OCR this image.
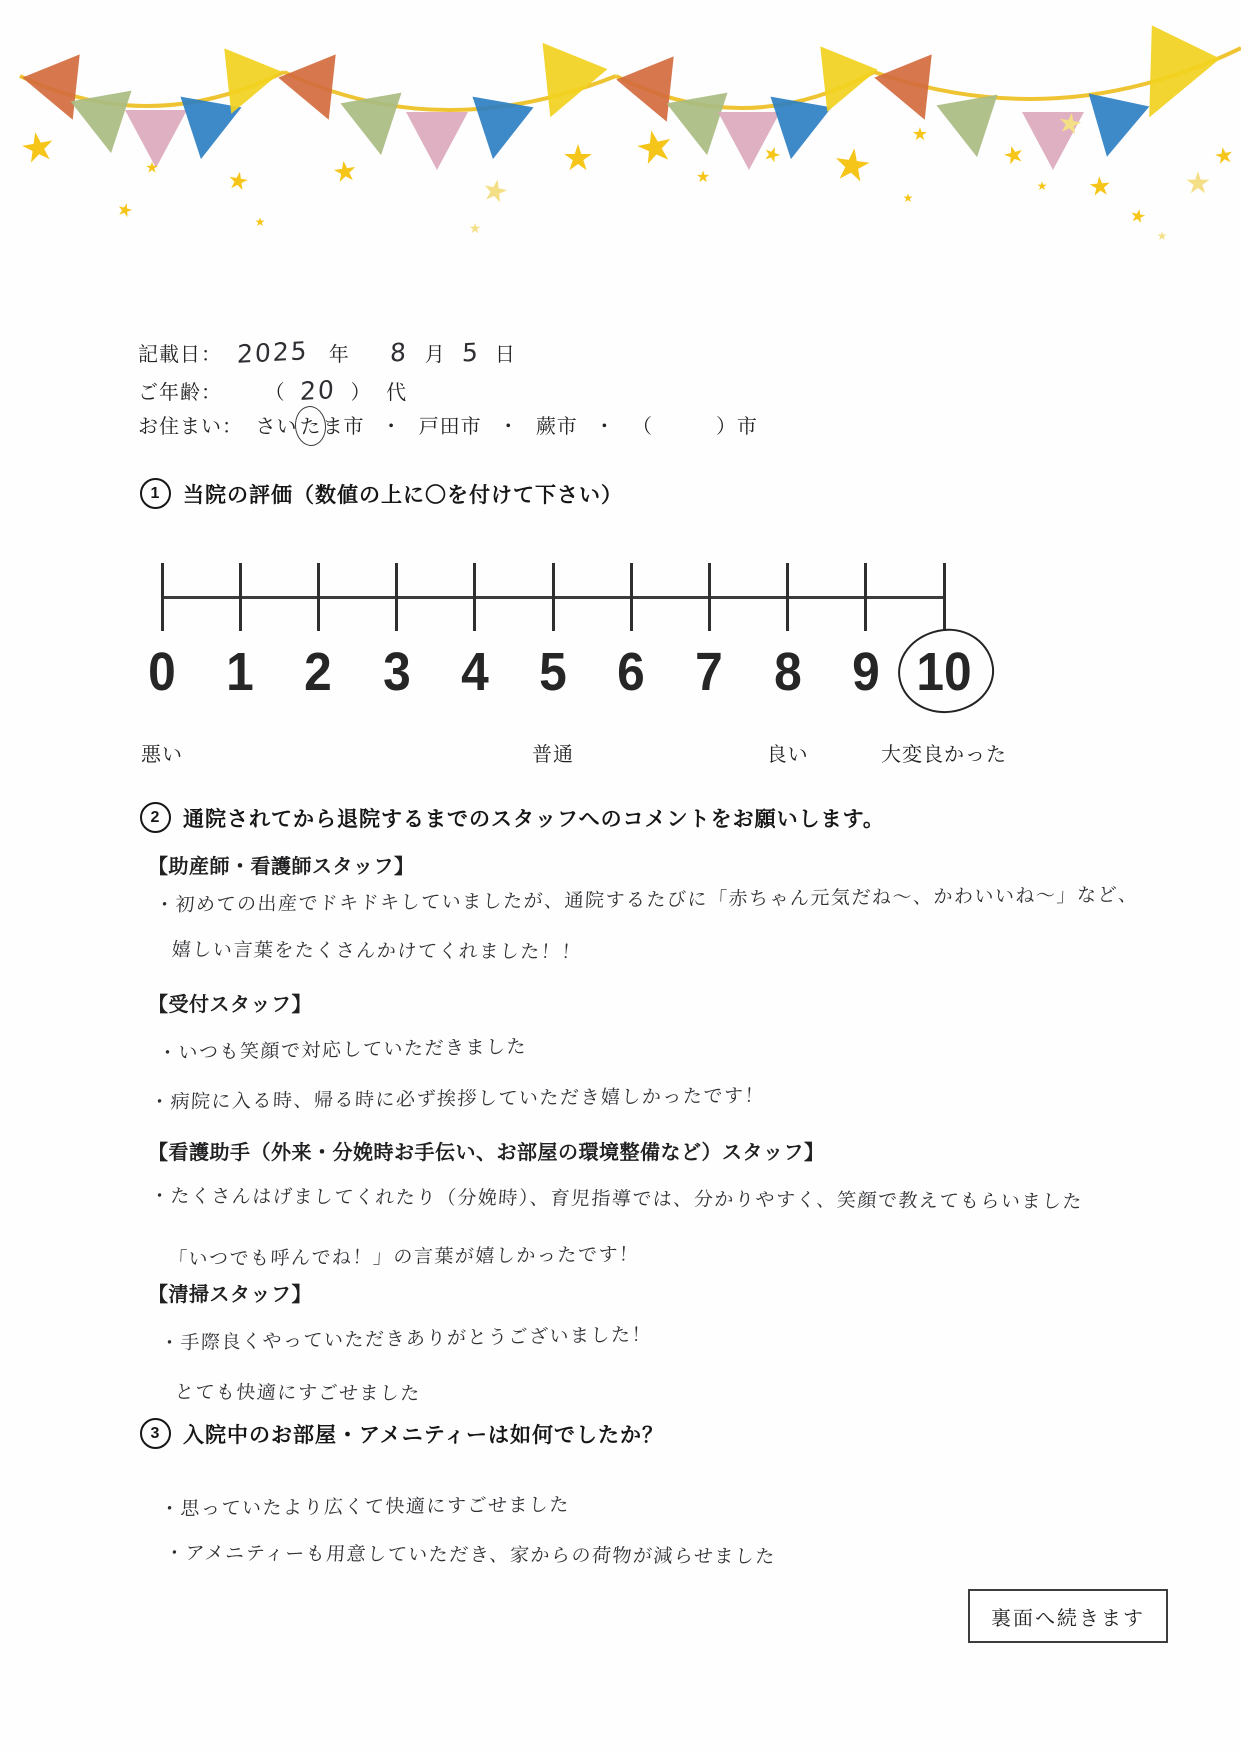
★
★
★	★
★
★
★
★
★ ★
★
★ ★
★
★
★
★
★
★
★
★
★
★
記載日： 2025 年 8 月 5 日
ご年齢： （ 20 ） 代
お住まい： さいたま市 ・ 戸田市 ・ 蕨市 ・ （　　　	）市
1	当院の評価（数値の上に〇を付けて下さい）
0 1 2 3 4 5 6 7 8 9 10
悪い	普通	良い	大変良かった
2	通院されてから退院するまでのスタッフへのコメントをお願いします。
【助産師・看護師スタッフ】
・初めての出産でドキドキしていましたが、通院するたびに「赤ちゃん元気だね〜、かわいいね〜」など、
嬉しい言葉をたくさんかけてくれました！！
【受付スタッフ】
・いつも笑顔で対応していただきました
・病院に入る時、帰る時に必ず挨拶していただき嬉しかったです！
【看護助手（外来・分娩時お手伝い、お部屋の環境整備など）スタッフ】
・たくさんはげましてくれたり（分娩時）、育児指導では、分かりやすく、笑顔で教えてもらいました
「いつでも呼んでね！」の言葉が嬉しかったです！
【清掃スタッフ】
・手際良くやっていただきありがとうございました！
とても快適にすごせました
3	入院中のお部屋・アメニティーは如何でしたか？
・思っていたより広くて快適にすごせました
・アメニティーも用意していただき、家からの荷物が減らせました
裏面へ続きます
